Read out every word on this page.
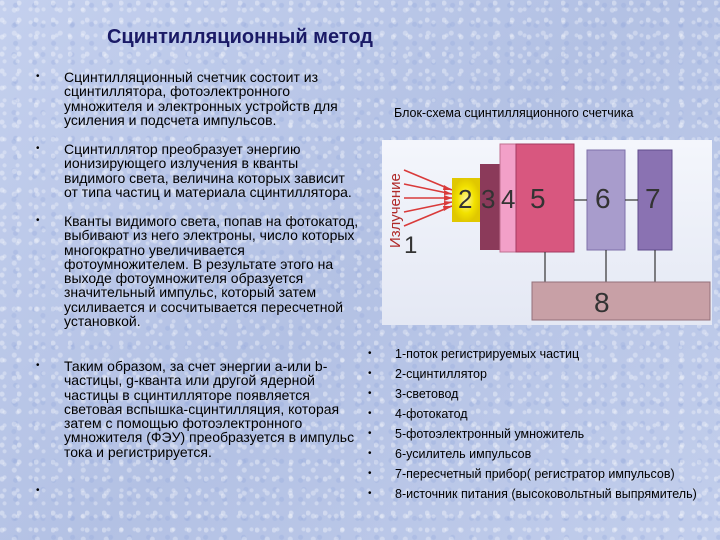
Сцинтилляционный метод
• Сцинтилляционный счетчик состоит из сцинтиллятора, фотоэлектронного умножителя и электронных устройств для усиления и подсчета импульсов.
• Сцинтиллятор преобразует энергию ионизирующего излучения в кванты видимого света, величина которых зависит от типа частиц и материала сцинтиллятора.
• Кванты видимого света, попав на фотокатод, выбивают из него электроны, число которых многократно увеличивается фотоумножителем. В результате этого на выходе фотоумножителя образуется значительный импульс, который затем усиливается и сосчитывается пересчетной установкой.
• Таким образом, за счет энергии a-или b-частицы, g-кванта или другой ядерной частицы в сцинтилляторе появляется световая вспышка-сцинтилляция, которая затем с помощью фотоэлектронного умножителя (ФЭУ) преобразуется в импульс тока и регистрируется.
•
Блок-схема сцинтилляционного счетчика
Излучение 1
2 3 4 5 6 7
8
• 1-поток регистрируемых частиц
• 2-сцинтиллятор
• 3-световод
• 4-фотокатод
• 5-фотоэлектронный умножитель
• 6-усилитель импульсов
• 7-пересчетный прибор( регистратор импульсов)
• 8-источник питания (высоковольтный выпрямитель)
